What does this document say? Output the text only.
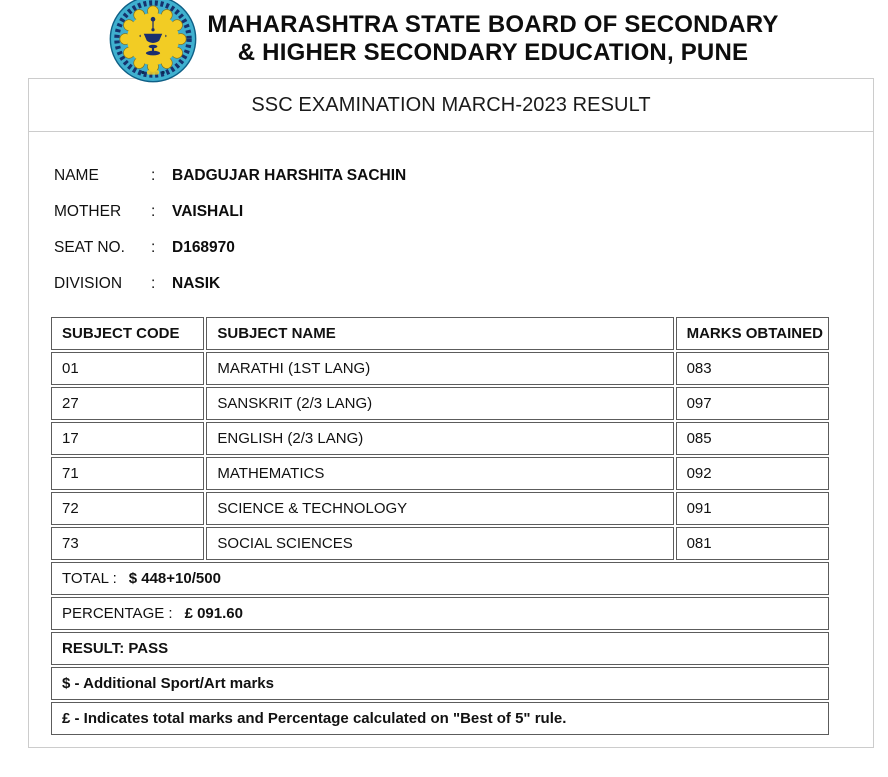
MAHARASHTRA STATE BOARD OF SECONDARY
& HIGHER SECONDARY EDUCATION, PUNE
SSC EXAMINATION MARCH-2023 RESULT
NAME	:	BADGUJAR HARSHITA SACHIN
MOTHER	:	VAISHALI
SEAT NO.	:	D168970
DIVISION	:	NASIK
SUBJECT CODE	SUBJECT NAME	MARKS OBTAINED
01	MARATHI (1ST LANG)	083
27	SANSKRIT (2/3 LANG)	097
17	ENGLISH (2/3 LANG)	085
71	MATHEMATICS	092
72	SCIENCE & TECHNOLOGY	091
73	SOCIAL SCIENCES	081
TOTAL : $ 448+10/500		
PERCENTAGE : £ 091.60		
RESULT: PASS		
$ - Additional Sport/Art marks		
£ - Indicates total marks and Percentage calculated on "Best of 5" rule.		
